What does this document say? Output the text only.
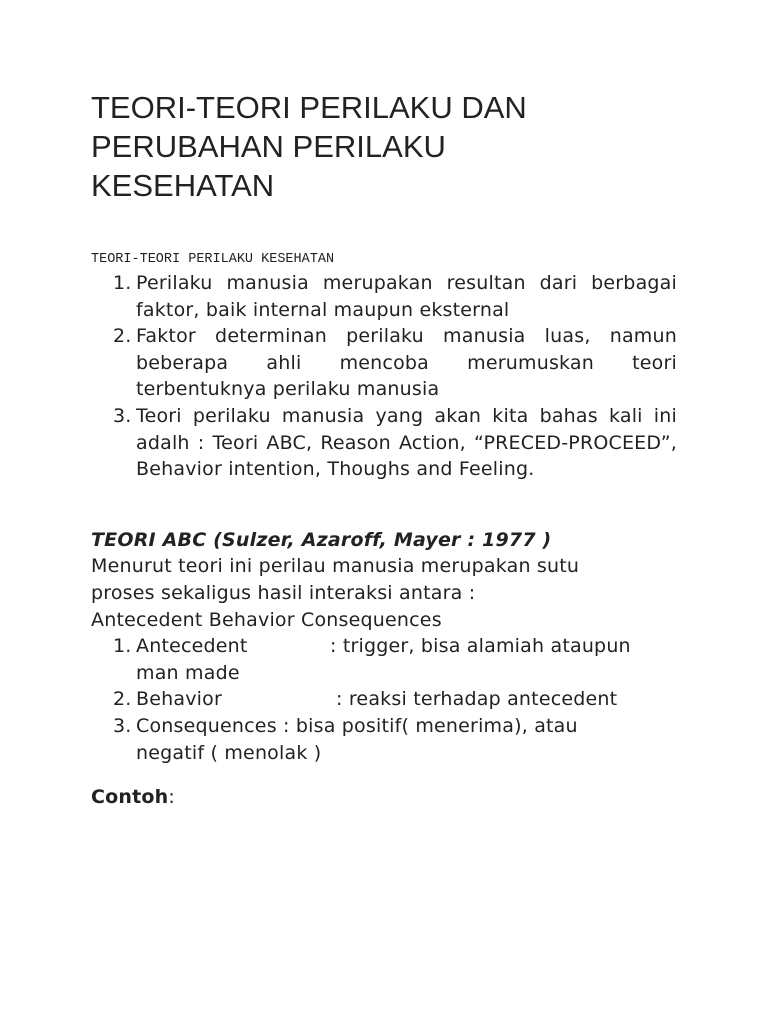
TEORI-TEORI PERILAKU DAN
PERUBAHAN PERILAKU
KESEHATAN
TEORI-TEORI PERILAKU KESEHATAN
1. Perilaku manusia merupakan resultan dari berbagai faktor, baik internal maupun eksternal
2. Faktor determinan perilaku manusia luas, namun beberapa ahli mencoba merumuskan teori terbentuknya perilaku manusia
3. Teori perilaku manusia yang akan kita bahas kali ini adalh : Teori ABC, Reason Action, “PRECED-PROCEED”, Behavior intention, Thoughs and Feeling.
TEORI ABC (Sulzer, Azaroff, Mayer : 1977 )

Menurut teori ini perilau manusia merupakan sutu
proses sekaligus hasil interaksi antara :
Antecedent Behavior Consequences

1. Antecedent	: trigger, bisa alamiah ataupun
man made
2. Behavior	: reaksi terhadap antecedent
3. Consequences : bisa positif( menerima), atau
negatif ( menolak )
Contoh:
